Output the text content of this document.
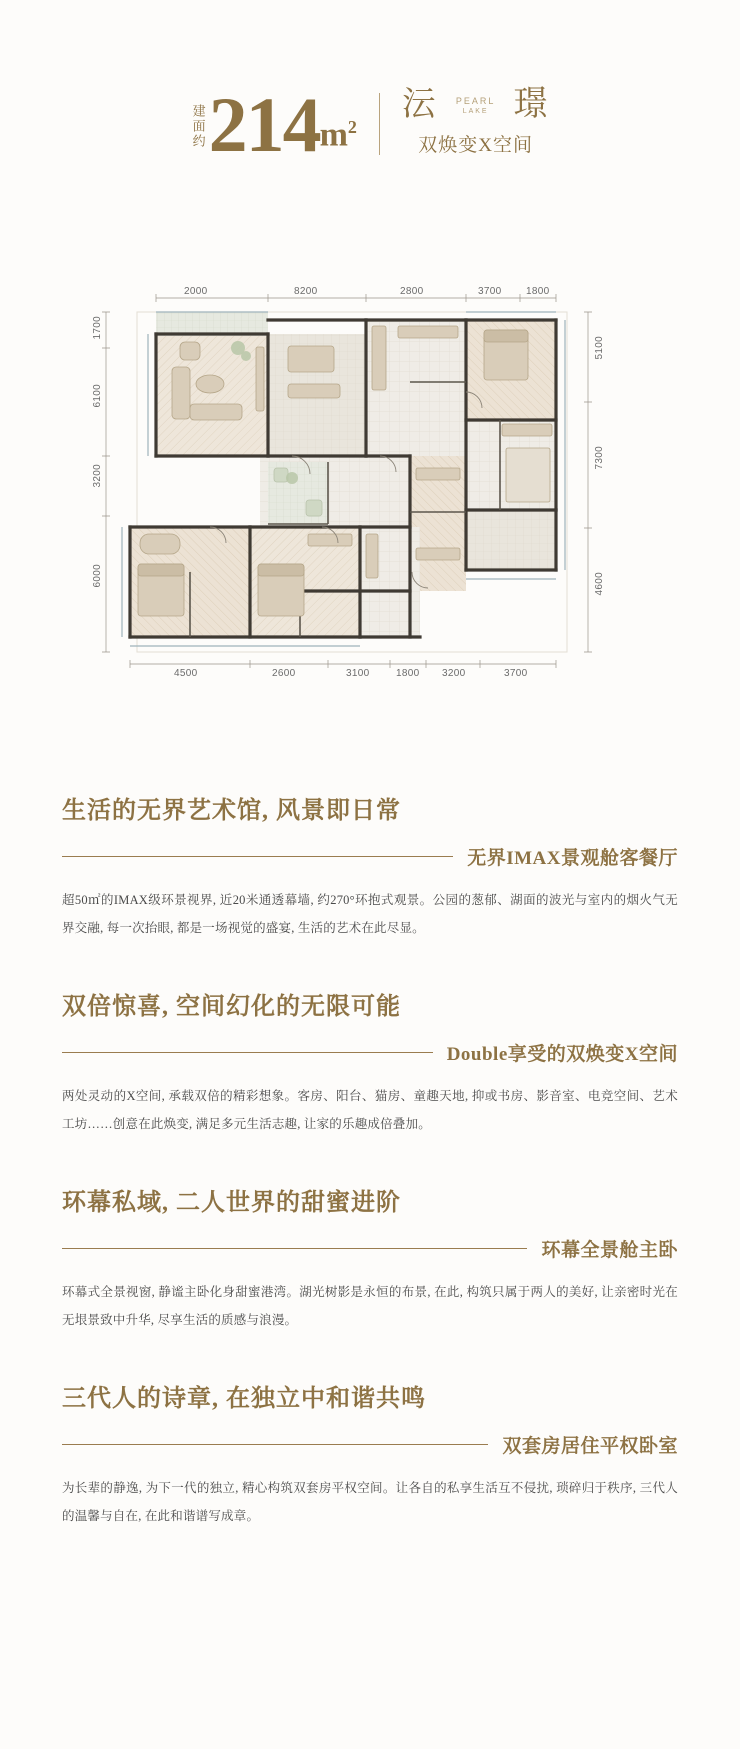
建面约 214 $m^2$
沄 PEARL
LAKE 璟
双焕变X空间
2000	8200	2800	3700 1800
4500	2600	3100	1800 3200	3700
1700
6100
3200
6000
5100
7300
4600
生活的无界艺术馆, 风景即日常
无界IMAX景观舱客餐厅
超50㎡的IMAX级环景视界, 近20米通透幕墙, 约270°环抱式观景。公园的葱郁、湖面的波光与室内的烟火气无界交融, 每一次抬眼, 都是一场视觉的盛宴, 生活的艺术在此尽显。
双倍惊喜, 空间幻化的无限可能
Double享受的双焕变X空间
两处灵动的X空间, 承载双倍的精彩想象。客房、阳台、猫房、童趣天地, 抑或书房、影音室、电竞空间、艺术工坊……创意在此焕变, 满足多元生活志趣, 让家的乐趣成倍叠加。
环幕私域, 二人世界的甜蜜进阶
环幕全景舱主卧
环幕式全景视窗, 静谧主卧化身甜蜜港湾。湖光树影是永恒的布景, 在此, 构筑只属于两人的美好, 让亲密时光在无垠景致中升华, 尽享生活的质感与浪漫。
三代人的诗章, 在独立中和谐共鸣
双套房居住平权卧室
为长辈的静逸, 为下一代的独立, 精心构筑双套房平权空间。让各自的私享生活互不侵扰, 琐碎归于秩序, 三代人的温馨与自在, 在此和谐谱写成章。
